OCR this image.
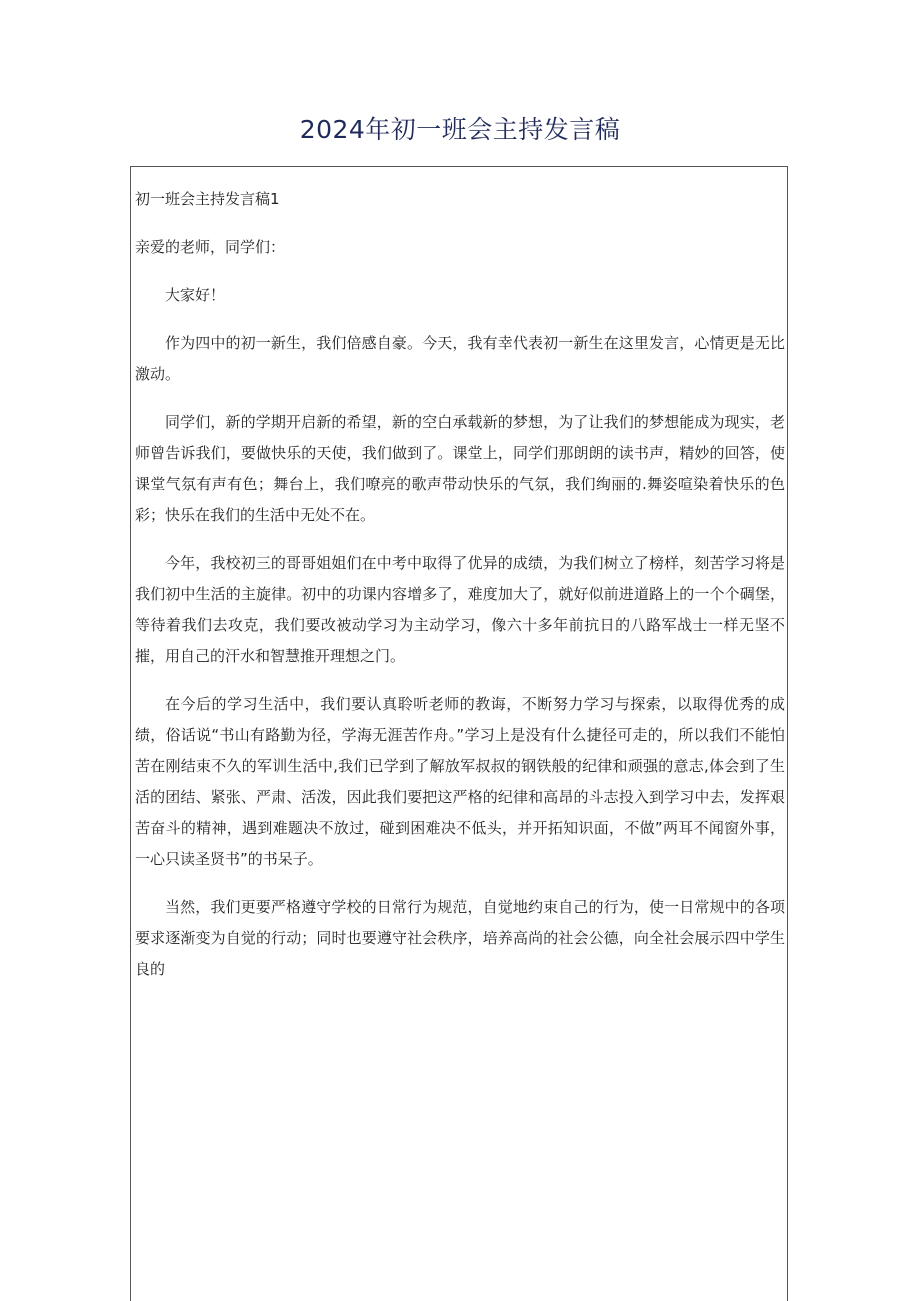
2024年初一班会主持发言稿

初一班会主持发言稿1

亲爱的老师，同学们：

大家好！

作为四中的初一新生，我们倍感自豪。今天，我有幸代表初一新生在这里发言，心情更是无比激动。

同学们，新的学期开启新的希望，新的空白承载新的梦想，为了让我们的梦想能成为现实，老师曾告诉我们，要做快乐的天使，我们做到了。课堂上，同学们那朗朗的读书声，精妙的回答，使课堂气氛有声有色；舞台上，我们嘹亮的歌声带动快乐的气氛，我们绚丽的.舞姿喧染着快乐的色彩；快乐在我们的生活中无处不在。

今年，我校初三的哥哥姐姐们在中考中取得了优异的成绩，为我们树立了榜样，刻苦学习将是我们初中生活的主旋律。初中的功课内容增多了，难度加大了，就好似前进道路上的一个个碉堡，等待着我们去攻克，我们要改被动学习为主动学习，像六十多年前抗日的八路军战士一样无坚不摧，用自己的汗水和智慧推开理想之门。

在今后的学习生活中，我们要认真聆听老师的教诲，不断努力学习与探索，以取得优秀的成绩，俗话说“书山有路勤为径，学海无涯苦作舟。”学习上是没有什么捷径可走的，所以我们不能怕苦在刚结束不久的军训生活中,我们已学到了解放军叔叔的钢铁般的纪律和顽强的意志,体会到了生活的团结、紧张、严肃、活泼，因此我们要把这严格的纪律和高昂的斗志投入到学习中去，发挥艰苦奋斗的精神，遇到难题决不放过，碰到困难决不低头，并开拓知识面，不做”两耳不闻窗外事，一心只读圣贤书”的书呆子。

当然，我们更要严格遵守学校的日常行为规范，自觉地约束自己的行为，使一日常规中的各项要求逐渐变为自觉的行动；同时也要遵守社会秩序，培养高尚的社会公德，向全社会展示四中学生良的
